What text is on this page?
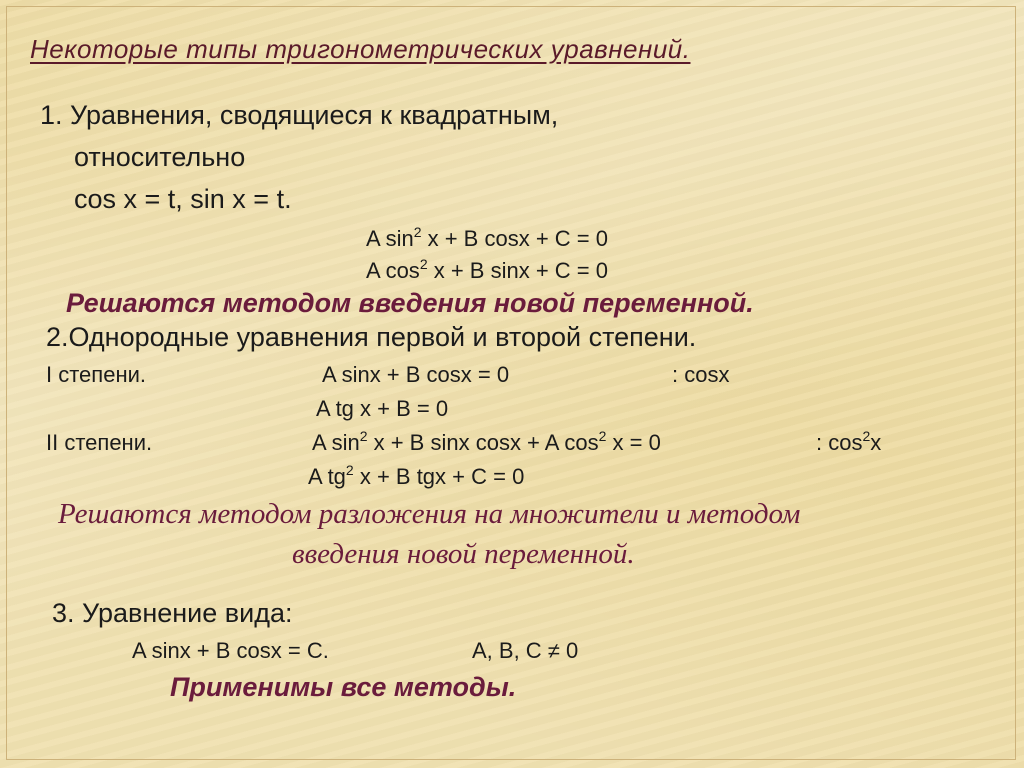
Некоторые типы тригонометрических уравнений.
1. Уравнения, сводящиеся к квадратным,
относительно
cos x = t, sin x = t.
A $\sin^2 x + B$ cosx + C = 0
A $\cos^2 x + B$ sinx + C = 0
Решаются методом введения новой переменной.
2.Однородные уравнения первой и второй степени.
I степени.	A sinx + B cosx = 0	: cosx
A tg x + B = 0
II степени.	A $\sin^2 x + B$ sinx cosx + A $\cos^2 x = 0$	: $\cos^2x$
A $tg^2$ x + B tgx + C = 0
Решаются методом разложения на множители и методом
введения новой переменной.
3. Уравнение вида:
A sinx + B cosx = C.	A, B, C ≠ 0
Применимы все методы.
